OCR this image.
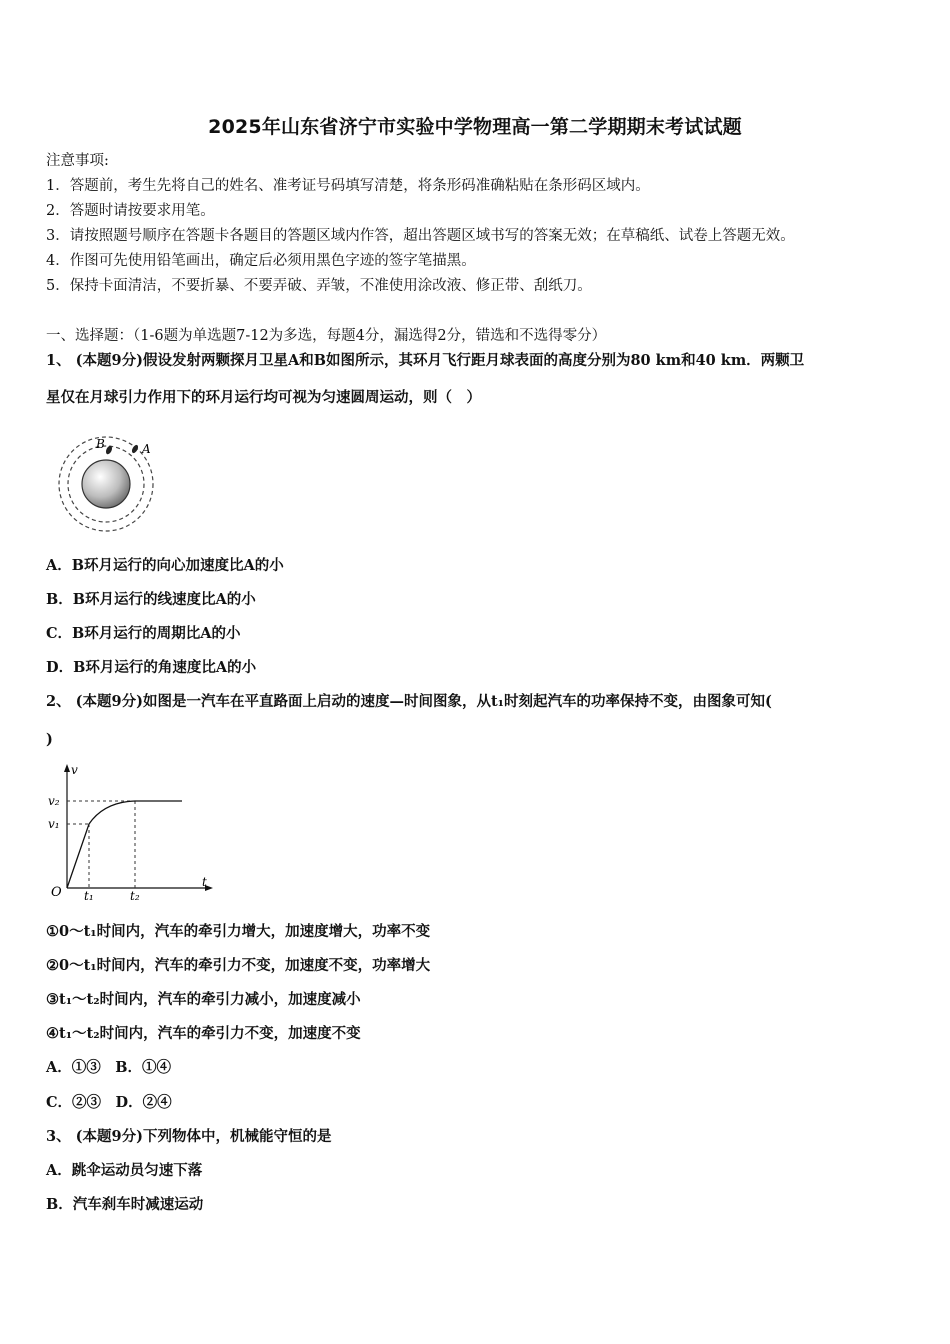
2025年山东省济宁市实验中学物理高一第二学期期末考试试题
注意事项:
1．答题前，考生先将自己的姓名、准考证号码填写清楚，将条形码准确粘贴在条形码区域内。
2．答题时请按要求用笔。
3．请按照题号顺序在答题卡各题目的答题区域内作答，超出答题区域书写的答案无效；在草稿纸、试卷上答题无效。
4．作图可先使用铅笔画出，确定后必须用黑色字迹的签字笔描黑。
5．保持卡面清洁，不要折暴、不要弄破、弄皱，不准使用涂改液、修正带、刮纸刀。
一、选择题：（1-6题为单选题7-12为多选，每题4分，漏选得2分，错选和不选得零分）
1、 (本题9分)假设发射两颗探月卫星A和B如图所示，其环月飞行距月球表面的高度分别为80 km和40 km．两颗卫
星仅在月球引力作用下的环月运行均可视为匀速圆周运动，则（　）
B	A
A．B环月运行的向心加速度比A的小
B．B环月运行的线速度比A的小
C．B环月运行的周期比A的小
D．B环月运行的角速度比A的小
2、 (本题9分)如图是一汽车在平直路面上启动的速度—时间图象，从t₁时刻起汽车的功率保持不变，由图象可知(
)
v
t
O
v₂
v₁
t₁	t₂
①0～t₁时间内，汽车的牵引力增大，加速度增大，功率不变
②0～t₁时间内，汽车的牵引力不变，加速度不变，功率增大
③t₁～t₂时间内，汽车的牵引力减小，加速度减小
④t₁～t₂时间内，汽车的牵引力不变，加速度不变
A．①③　B．①④
C．②③　D．②④
3、 (本题9分)下列物体中，机械能守恒的是
A．跳伞运动员匀速下落
B．汽车刹车时减速运动
